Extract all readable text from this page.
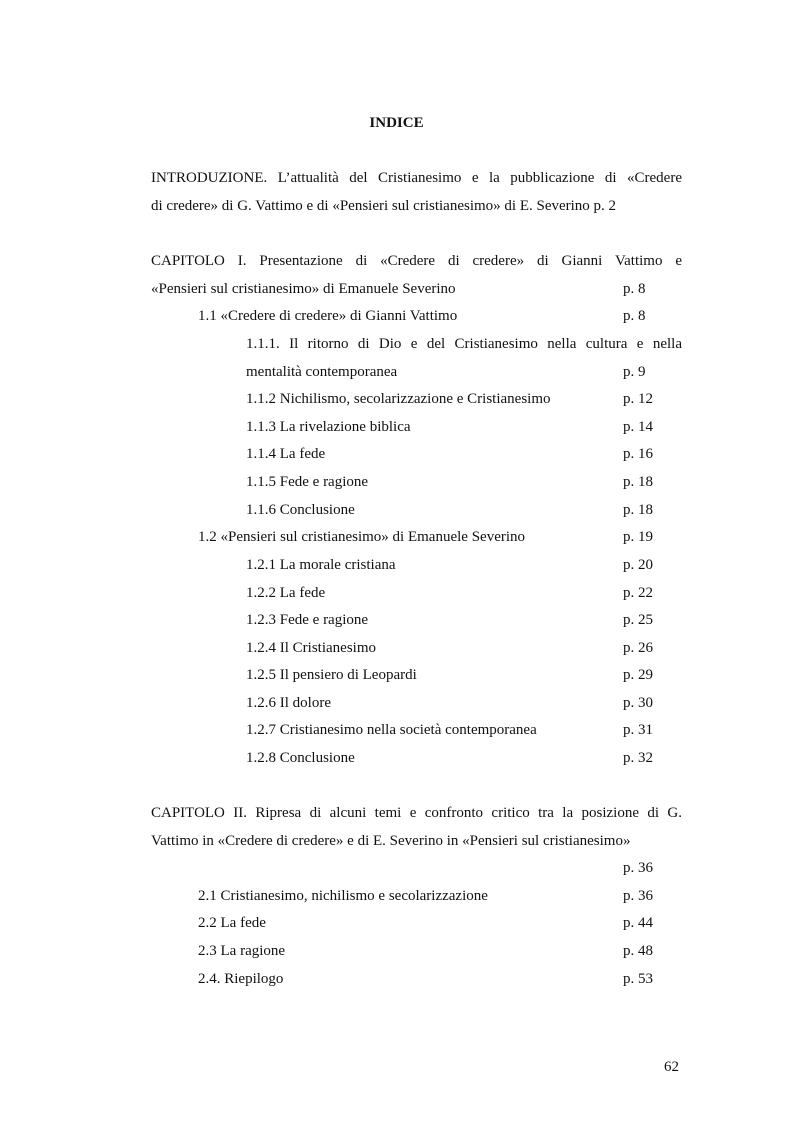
INDICE
INTRODUZIONE. L’attualità del Cristianesimo e la pubblicazione di «Credere
di credere» di G. Vattimo e di «Pensieri sul cristianesimo» di E. Severino p. 2
CAPITOLO I. Presentazione di «Credere di credere» di Gianni Vattimo e
«Pensieri sul cristianesimo» di Emanuele Severino	p. 8
1.1 «Credere di credere» di Gianni Vattimo	p. 8
1.1.1. Il ritorno di Dio e del Cristianesimo nella cultura e nella
mentalità contemporanea	p. 9
1.1.2 Nichilismo, secolarizzazione e Cristianesimo	p. 12
1.1.3 La rivelazione biblica	p. 14
1.1.4 La fede	p. 16
1.1.5 Fede e ragione	p. 18
1.1.6 Conclusione	p. 18
1.2 «Pensieri sul cristianesimo» di Emanuele Severino	p. 19
1.2.1 La morale cristiana	p. 20
1.2.2 La fede	p. 22
1.2.3 Fede e ragione	p. 25
1.2.4 Il Cristianesimo	p. 26
1.2.5 Il pensiero di Leopardi	p. 29
1.2.6 Il dolore	p. 30
1.2.7 Cristianesimo nella società contemporanea	p. 31
1.2.8 Conclusione	p. 32
CAPITOLO II. Ripresa di alcuni temi e confronto critico tra la posizione di G.
Vattimo in «Credere di credere» e di E. Severino in «Pensieri sul cristianesimo»
p. 36
2.1 Cristianesimo, nichilismo e secolarizzazione	p. 36
2.2 La fede	p. 44
2.3 La ragione	p. 48
2.4. Riepilogo	p. 53
62
